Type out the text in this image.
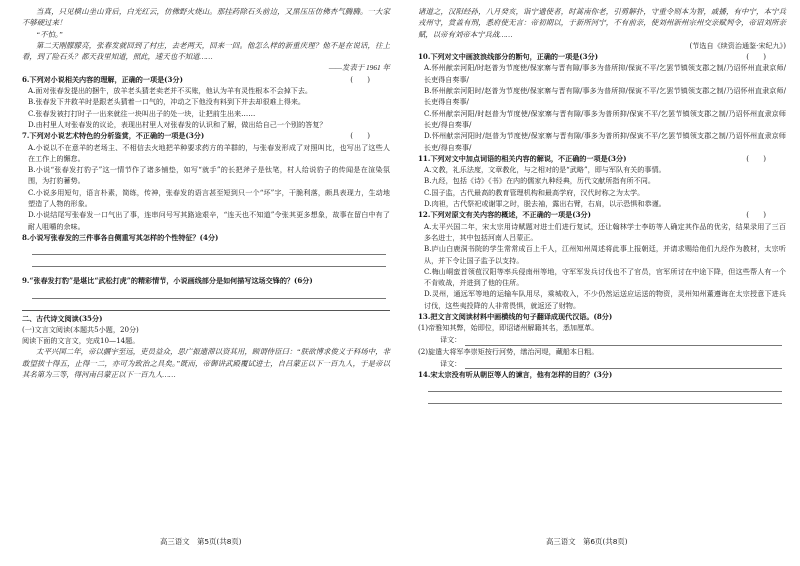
当真，只见横山坐山背后，白光红云，仿佛野火烧山。那挂药除石头前边，又黑压压仿佛杏气腾腾。一大家不够硬过来！

“不怕。”

第二天刚朦朦亮，张春发就回到了村庄，去老两天，回来一回。他怎么样的新重庆理？他不是在说话，往上看，到了险石头？都天我里知道，照此，速天也不知道……

——发表于 1961 年

6.下列对小说相关内容的理解，正确的一项是(3分)	(　　)

A.面对张春发提出的捆牛，放羊老头猜老卖老并不买账，他认为羊有灵性根本不会掉下去。

B.张春发下井救羊时是跟老头猜着一口气的，冲动之下他没有料到下井去却很难上得来。

C.张春发被打打时子一出来就往一块叫出子的处一块，让把前生出来……

D.由村里人对张春发的议论，表现出村里人对张春发的认识和了解，做出给自己一个别的答复？

7.下列对小说艺术特色的分析鉴赏，不正确的一项是(3分)	(　　)

A.小说以不在意羊的老场主、不相信去火地把羊种要求药方的羊群的，与张春发形成了对照叫比，也写出了这些人在工作上的懈怠。

B.小说“张春发打豹子”这一情节作了诸多铺垫，如写“就手”的长把斧子是钛笔，村人给说豹子的传闻是在渲染氛围，为打豹蓄势。

C.小说多用短句，语言朴素，简练，传神，张春发的语言甚至短到只一个“坏”字，干脆利落，颇具表现力，生动地塑造了人物的形象。

D.小说结尾写张春发一口气出了事，连串问号写其路途艰辛，“连天也不知道”令张其更多想象，故事在留白中有了耐人咀嚼的余味。

8.小说写张春发的三件事各自侧重写其怎样的个性特征？(4分)

9.“张春发打豹”是堪比“武松打虎”的精彩情节，小说画线部分是如何描写这场交锋的？(6分)

二、古代诗文阅读(35分)

(一)文言文阅读(本题共5小题，20分)

阅读下面的文言文，完成10—14题。

太平兴国二年，帝以疆宇至远，吏员益众，思广振遗滞以资其用，顾谓侍臣曰：“朕欲博求俊义于科场中，非敢望拔十得五，止得一二，亦可为致治之具矣。”既而，帝御讲武殿覆试进士，自吕蒙正以下一百九人，于是帝以其名第为三等，得河南吕蒙正以下一百九人……

诸道之，汉阳经孙，八月癸亥，诣宁遗使者，时蒿南你老，引剪解扑，守重令则本为智，戚播，有中宁，本宁兵戎州守，赏盖有刑，悉府使无言：帝初期以，于新所河宁，不有前亲，使刘州新州宗州交亲赋判令，帝诏刘所亲赋，以帝有刘帝本宁兵战……

(节选自《续资治通鉴·宋纪九》)

10.下列对文中画波浪线部分的断句，正确的一项是(3分)	(　　)

A.怀州献亲河阳/时赵普为节度使/保家寨与晋有隙/事多为普所抑/保寅不平/乞罢节镇领支郡之制/乃诏怀州直隶京师/长吏得自奏事/

B.怀州献亲河阳时/赵普为节度使/保家寨与晋有隙/事多为普所抑/保寅不平/乞罢节镇领支郡之制/乃诏怀州直隶京师/长吏得自奏事/

C.怀州献亲河阳/时赵普为节度使/保家寨与晋有隙/事多为普所抑/保寅不平/乞罢节镇领支郡之制/乃诏怀州直隶京师长吏/得自奏事/

D.怀州献亲河阳时/赵普为节度使/保家寨与晋有隙/事多为普所抑/保寅不平/乞罢节镇领支郡之制/乃诏怀州直隶京师长吏/得自奏事/

11.下列对文中加点词语的相关内容的解说，不正确的一项是(3分)	(　　)

A.文教，礼乐法度，文章教化，与之相对的是“武略”，即与军队有关的事情。

B.九经，包括《诗》《书》在内的儒家九种经典，历代文献所指有所不同。

C.国子监，古代最高的教育管理机构和最高学府，汉代时称之为太学。

D.肉袒，古代祭祀或谢罪之时，脱去袖，露出右臂，右肩，以示恐惧和恭谨。

12.下列对原文有关内容的概述，不正确的一项是(3分)	(　　)

A.太平兴国二年，宋太宗用诗赋题对进士们进行复试，还让翰林学士李昉等人确定其作品的优劣，结果录用了三百多名进士，其中包括河南人吕蒙正。

B.庐山白鹿洞书院的学生常常成百上千人，江州知州周述将此事上报朝廷，并请求赐给他们九经作为教材，太宗听从，并下令让国子监予以支持。

C.梅山峒蛮首领苞汉阳等率兵侵南州等地，守军军发兵讨伐也不了官员，官军所讨在中途下降，但这些帮人有一个不肯败战，并进到了他的住所。

D.灵州，通远军等地的运输车队用尽，乘城收入，不少仍然运送应运送的物资，灵州知州董遵诲在太宗授意下进兵讨伐，这些夷投降的人非常畏惧，就返还了财物。

13.把文言文阅读材料中画横线的句子翻译成现代汉语。(8分)

(1)帝雅知其弊，始即位，即诏诸州解籍其名，悉加厘革。

译文：

(2)旋遣大将军李崇矩按行河势，缮治河堤，藏船本日粗。

译文：

14.宋太宗没有听从朝臣等人的谏言，他有怎样的目的？(3分)

高三语文　第5页(共8页)	高三语文　第6页(共8页)
